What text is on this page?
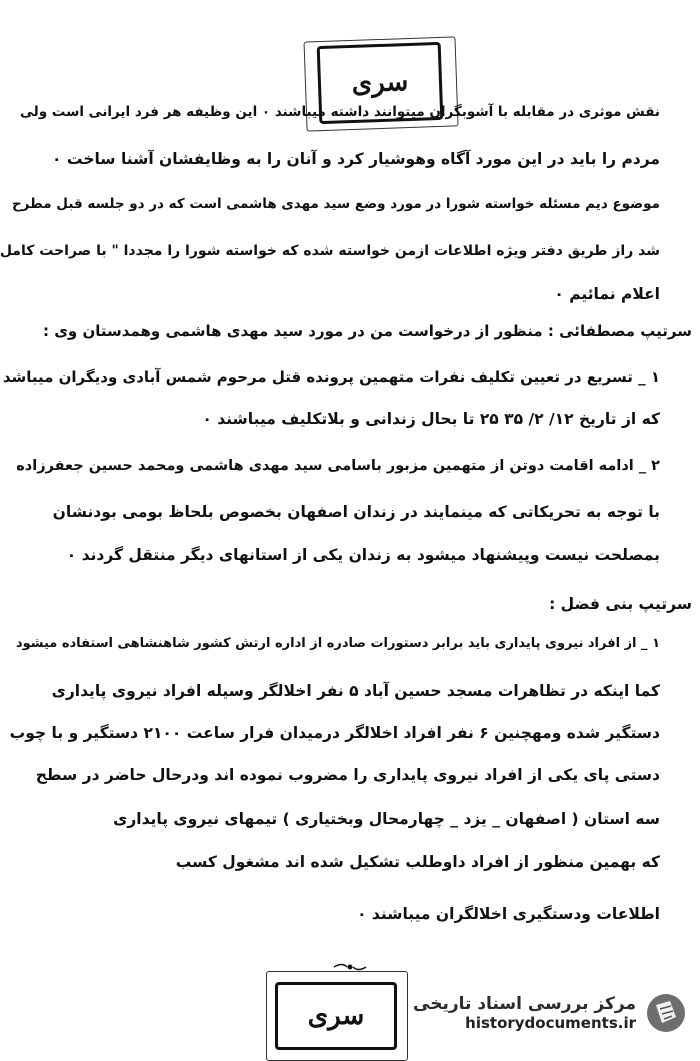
سری
نقش موثری در مقابله با آشوبگران میتوانند داشته میباشند ۰ این وظیفه هر فرد ایرانی است ولی
مردم را باید در این مورد آگاه وهوشیار کرد و آنان را به وظایفشان آشنا ساخت ۰
موضوع دیم مسئله خواسته شورا در مورد وضع سید مهدی هاشمی است که در دو جلسه قبل مطرح
شد راز طریق دفتر ویژه اطلاعات ازمن خواسته شده که خواسته شورا را مجددا " با صراحت کامل
اعلام نمائیم ۰
سرتیپ مصطفائی : منظور از درخواست من در مورد سید مهدی هاشمی وهمدستان وی :
۱ _ تسریع در تعیین تکلیف نفرات متهمین پرونده قتل مرحوم شمس آبادی ودیگران میباشد
که از تاریخ ۱۲/ ۲/ ۳۵ ۲۵ تا بحال زندانی و بلاتکلیف میباشند ۰
۲ _ ادامه اقامت دوتن از متهمین مزبور باسامی سید مهدی هاشمی ومحمد حسین جعفرزاده
با توجه به تحریکاتی که مینمایند در زندان اصفهان بخصوص بلحاظ بومی بودنشان
بمصلحت نیست وپیشنهاد میشود به زندان یکی از استانهای دیگر منتقل گردند ۰
سرتیپ بنی فضل :
۱ _ از افراد نیروی پایداری باید برابر دستورات صادره از اداره ارتش کشور شاهنشاهی استفاده میشود
کما اینکه در تظاهرات مسجد حسین آباد ۵ نفر اخلالگر وسیله افراد نیروی پایداری
دستگیر شده ومهچنین ۶ نفر افراد اخلالگر درمیدان فرار ساعت ۲۱۰۰ دستگیر و با چوب
دستی پای یکی از افراد نیروی پایداری را مضروب نموده اند ودرحال حاضر در سطح
سه استان ( اصفهان _ یزد _ چهارمحال وبختیاری ) تیمهای نیروی پایداری
که بهمین منظور از افراد داوطلب تشکیل شده اند مشغول کسب
اطلاعات ودستگیری اخلالگران میباشند ۰
سری	مرکز بررسی اسناد تاریخی
historydocuments.ir
